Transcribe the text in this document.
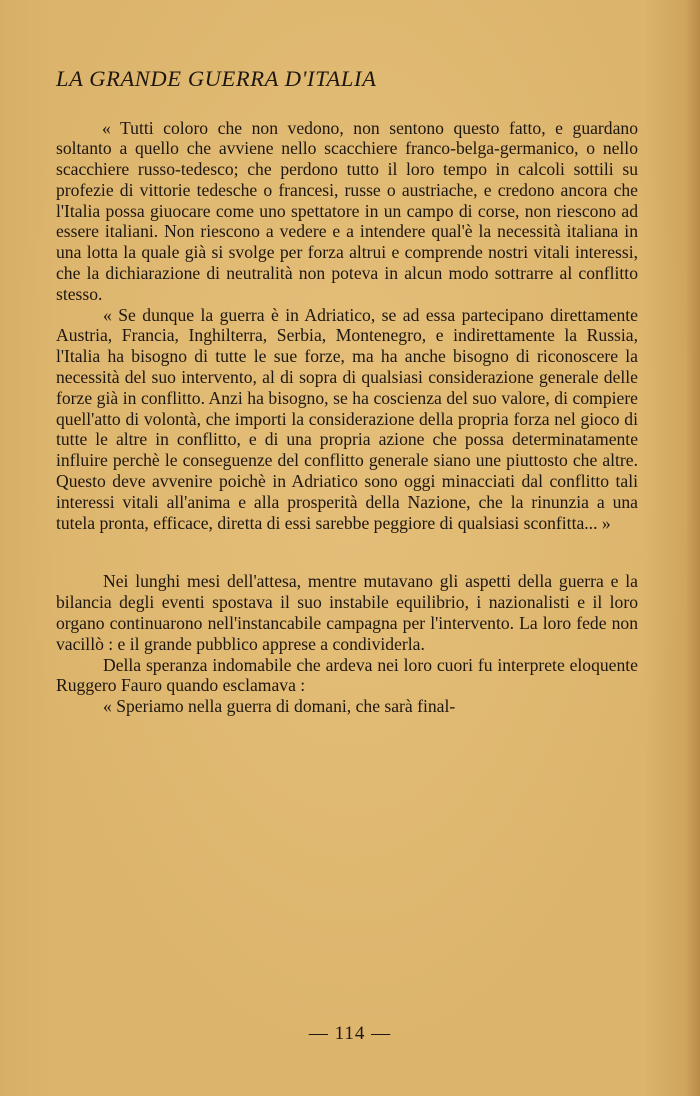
LA GRANDE GUERRA D'ITALIA

« Tutti coloro che non vedono, non sentono questo fatto, e guardano soltanto a quello che avviene nello scacchiere franco-belga-germanico, o nello scacchiere russo-tedesco; che perdono tutto il loro tempo in calcoli sottili su profezie di vittorie tedesche o francesi, russe o austriache, e credono ancora che l'Italia possa giuocare come uno spettatore in un campo di corse, non riescono ad essere italiani. Non riescono a vedere e a intendere qual'è la necessità italiana in una lotta la quale già si svolge per forza altrui e comprende nostri vitali interessi, che la dichiarazione di neutralità non poteva in alcun modo sottrarre al conflitto stesso.

« Se dunque la guerra è in Adriatico, se ad essa partecipano direttamente Austria, Francia, Inghilterra, Serbia, Montenegro, e indirettamente la Russia, l'Italia ha bisogno di tutte le sue forze, ma ha anche bisogno di riconoscere la necessità del suo intervento, al di sopra di qualsiasi considerazione generale delle forze già in conflitto. Anzi ha bisogno, se ha coscienza del suo valore, di compiere quell'atto di volontà, che importi la considerazione della propria forza nel gioco di tutte le altre in conflitto, e di una propria azione che possa determinatamente influire perchè le conseguenze del conflitto generale siano une piuttosto che altre. Questo deve avvenire poichè in Adriatico sono oggi minacciati dal conflitto tali interessi vitali all'anima e alla prosperità della Nazione, che la rinunzia a una tutela pronta, efficace, diretta di essi sarebbe peggiore di qualsiasi sconfitta... »

Nei lunghi mesi dell'attesa, mentre mutavano gli aspetti della guerra e la bilancia degli eventi spostava il suo instabile equilibrio, i nazionalisti e il loro organo continuarono nell'instancabile campagna per l'intervento. La loro fede non vacillò : e il grande pubblico apprese a condividerla.

Della speranza indomabile che ardeva nei loro cuori fu interprete eloquente Ruggero Fauro quando esclamava :

« Speriamo nella guerra di domani, che sarà final-

— 114 —
